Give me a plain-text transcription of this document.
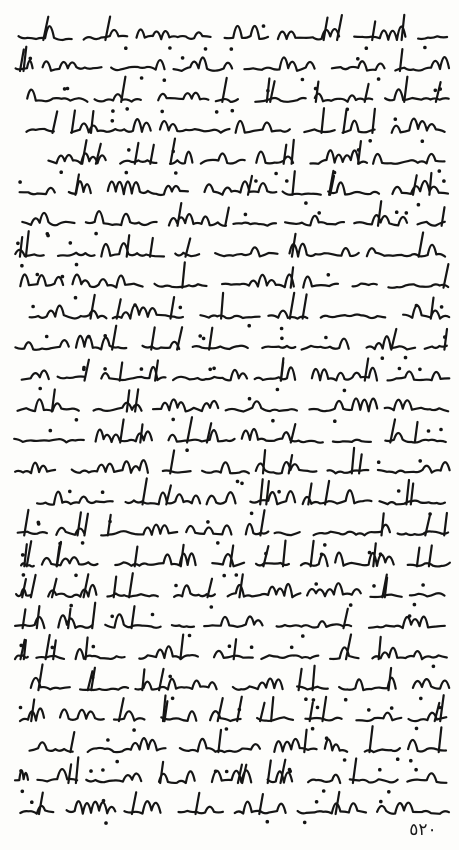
٥٢٠
